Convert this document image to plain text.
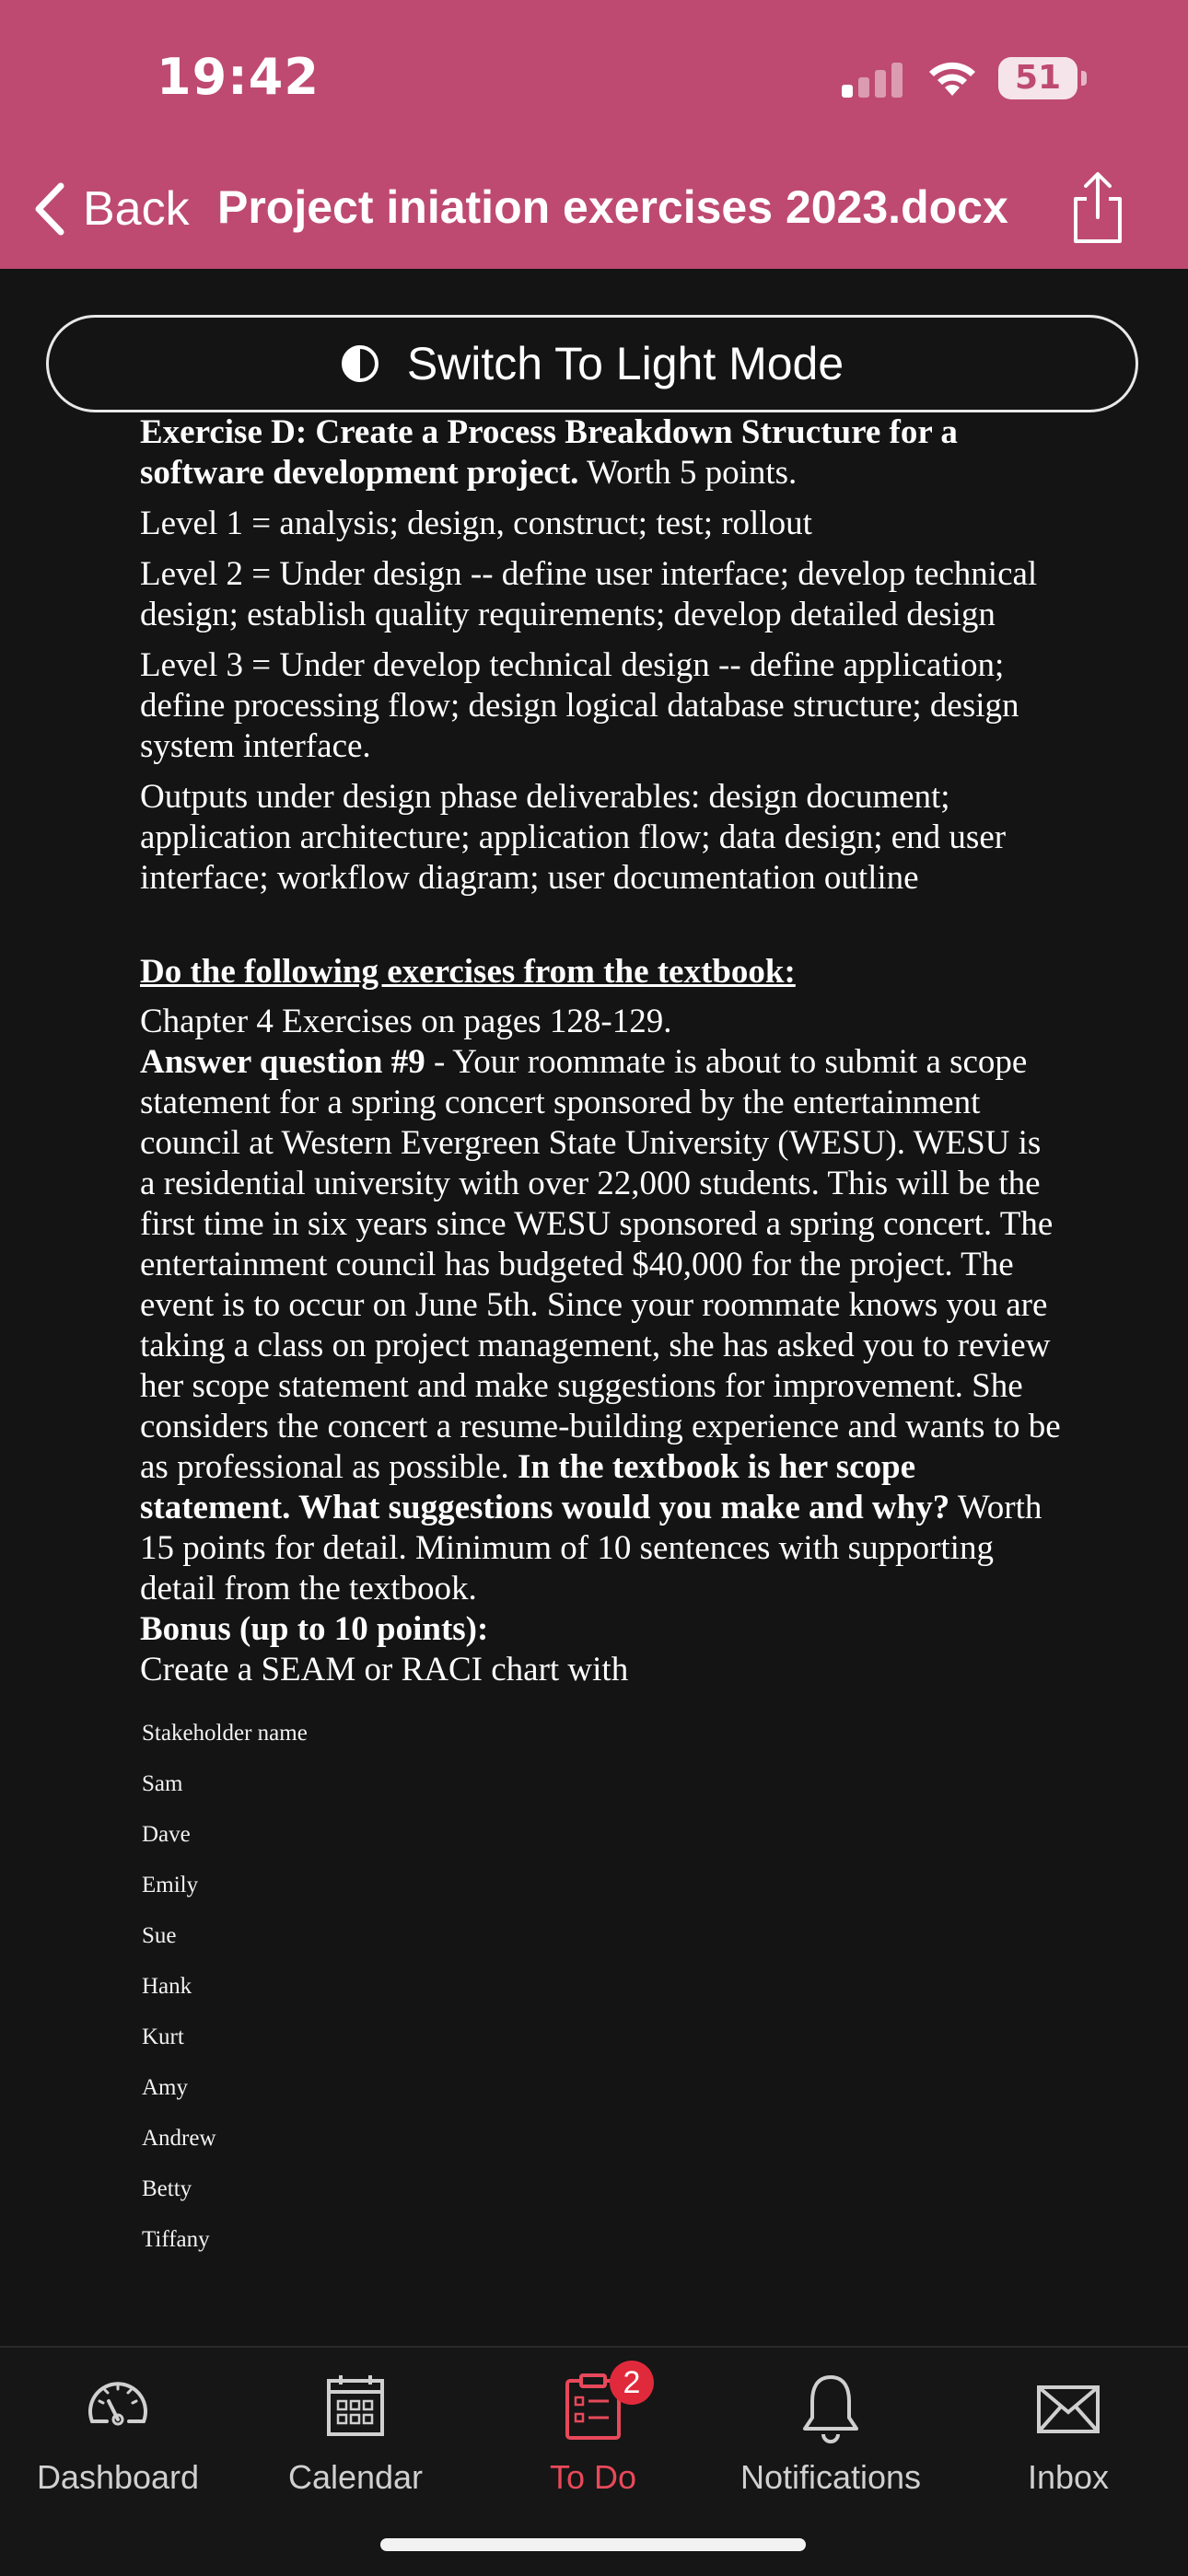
19:42	51
Back Project iniation exercises 2023.docx
Switch To Light Mode

Exercise D: Create a Process Breakdown Structure for a software development project. Worth 5 points.

Level 1 = analysis; design, construct; test; rollout

Level 2 = Under design -- define user interface; develop technical design; establish quality requirements; develop detailed design

Level 3 = Under develop technical design -- define application; define processing flow; design logical database structure; design system interface.

Outputs under design phase deliverables: design document; application architecture; application flow; data design; end user interface; workflow diagram; user documentation outline

Do the following exercises from the textbook:

Chapter 4 Exercises on pages 128-129.

Answer question #9 - Your roommate is about to submit a scope statement for a spring concert sponsored by the entertainment council at Western Evergreen State University (WESU). WESU is a residential university with over 22,000 students. This will be the first time in six years since WESU sponsored a spring concert. The entertainment council has budgeted $40,000 for the project. The event is to occur on June 5th. Since your roommate knows you are taking a class on project management, she has asked you to review her scope statement and make suggestions for improvement. She considers the concert a resume-building experience and wants to be as professional as possible. In the textbook is her scope statement. What suggestions would you make and why? Worth 15 points for detail. Minimum of 10 sentences with supporting detail from the textbook.

Bonus (up to 10 points):

Create a SEAM or RACI chart with

Stakeholder name
Sam
Dave
Emily
Sue
Hank
Kurt
Amy
Andrew
Betty
Tiffany
Dashboard	Calendar
2
To Do	Notifications	Inbox
